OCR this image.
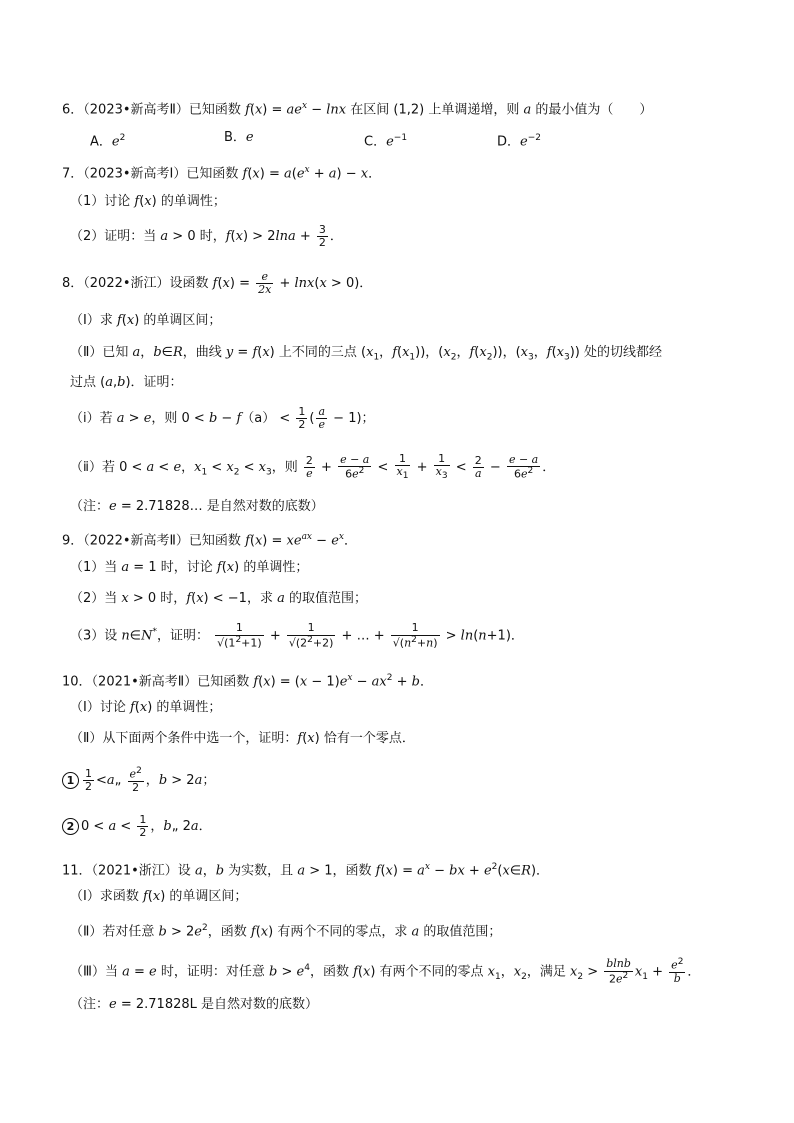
6．（2023•新高考Ⅱ）已知函数 $f(x) = ae^x - \ln x$ 在区间 (1,2) 上单调递增，则 a 的最小值为（　　）
A．$e^2$	B．e	C．$e^{-1}$	D．$e^{-2}$
7．（2023•新高考Ⅰ）已知函数 $f(x) = a(e^x + a) - x$．
（1）讨论 f(x) 的单调性；
（2）证明：当 a > 0 时，$f(x) > 2\ln a + \frac{3}{2}$ ．
8．（2022•浙江）设函数 $f(x) = \frac{e}{2x} + \ln x(x > 0)$．
（Ⅰ）求 f(x) 的单调区间；
（Ⅱ）已知 a，b∈R，曲线 y = f(x) 上不同的三点 ($x_1$，$f(x_1)$)，($x_2$，$f(x_2)$)，($x_3$，$f(x_3)$) 处的切线都经
过点 (a,b)．证明：
（ⅰ）若 a > e，则 $0 < b - f(a) < \frac{1}{2}$ ( $\frac{a}{e} - 1$)；
（ⅱ）若 0 < a < e，$x_1 < x_2 < x_3$，则 $\frac{2}{e} + \frac{e - a}{6e^2} < \frac{1}{x_1} + \frac{1}{x_3} < \frac{2}{a} - \frac{e - a}{6e^2}$ ．
（注：e = 2.71828… 是自然对数的底数）
9．（2022•新高考Ⅱ）已知函数 $f(x) = xe^{ax} - e^x$．
（1）当 a = 1 时，讨论 f(x) 的单调性；
（2）当 x > 0 时，f(x) < −1，求 a 的取值范围；
（3）设 n∈N*，证明： $\frac{1}{√(1^2+1)} + \frac{1}{√(2^2+2)}$ + … + $\frac{1}{√(n^2+n)} > \ln(n+1)$．
10．（2021•新高考Ⅱ）已知函数 $f(x) = (x - 1)e^x - ax^2 + b$．
（Ⅰ）讨论 f(x) 的单调性；
（Ⅱ）从下面两个条件中选一个，证明：f(x) 恰有一个零点．
$1 \frac{1}{2}$ <a„ $\frac{e^2}{2}$ ，b > 2a；
2 $0 < a < \frac{1}{2}$ ，b„ 2a．
11．（2021•浙江）设 a，b 为实数，且 a > 1，函数 $f(x) = a^x$ − bx + $e^2(x\in R)$．
（Ⅰ）求函数 f(x) 的单调区间；
（Ⅱ）若对任意 $b > 2e^2$，函数 f(x) 有两个不同的零点，求 a 的取值范围；
（Ⅲ）当 a = e 时，证明：对任意 $b > e^4$，函数 f(x) 有两个不同的零点 $x_1$，$x_2$，满足 $x_2 > \frac{blnb}{2e^2} x_1 + \frac{e^2}{b}$ ．
（注：e = 2.71828L 是自然对数的底数）
